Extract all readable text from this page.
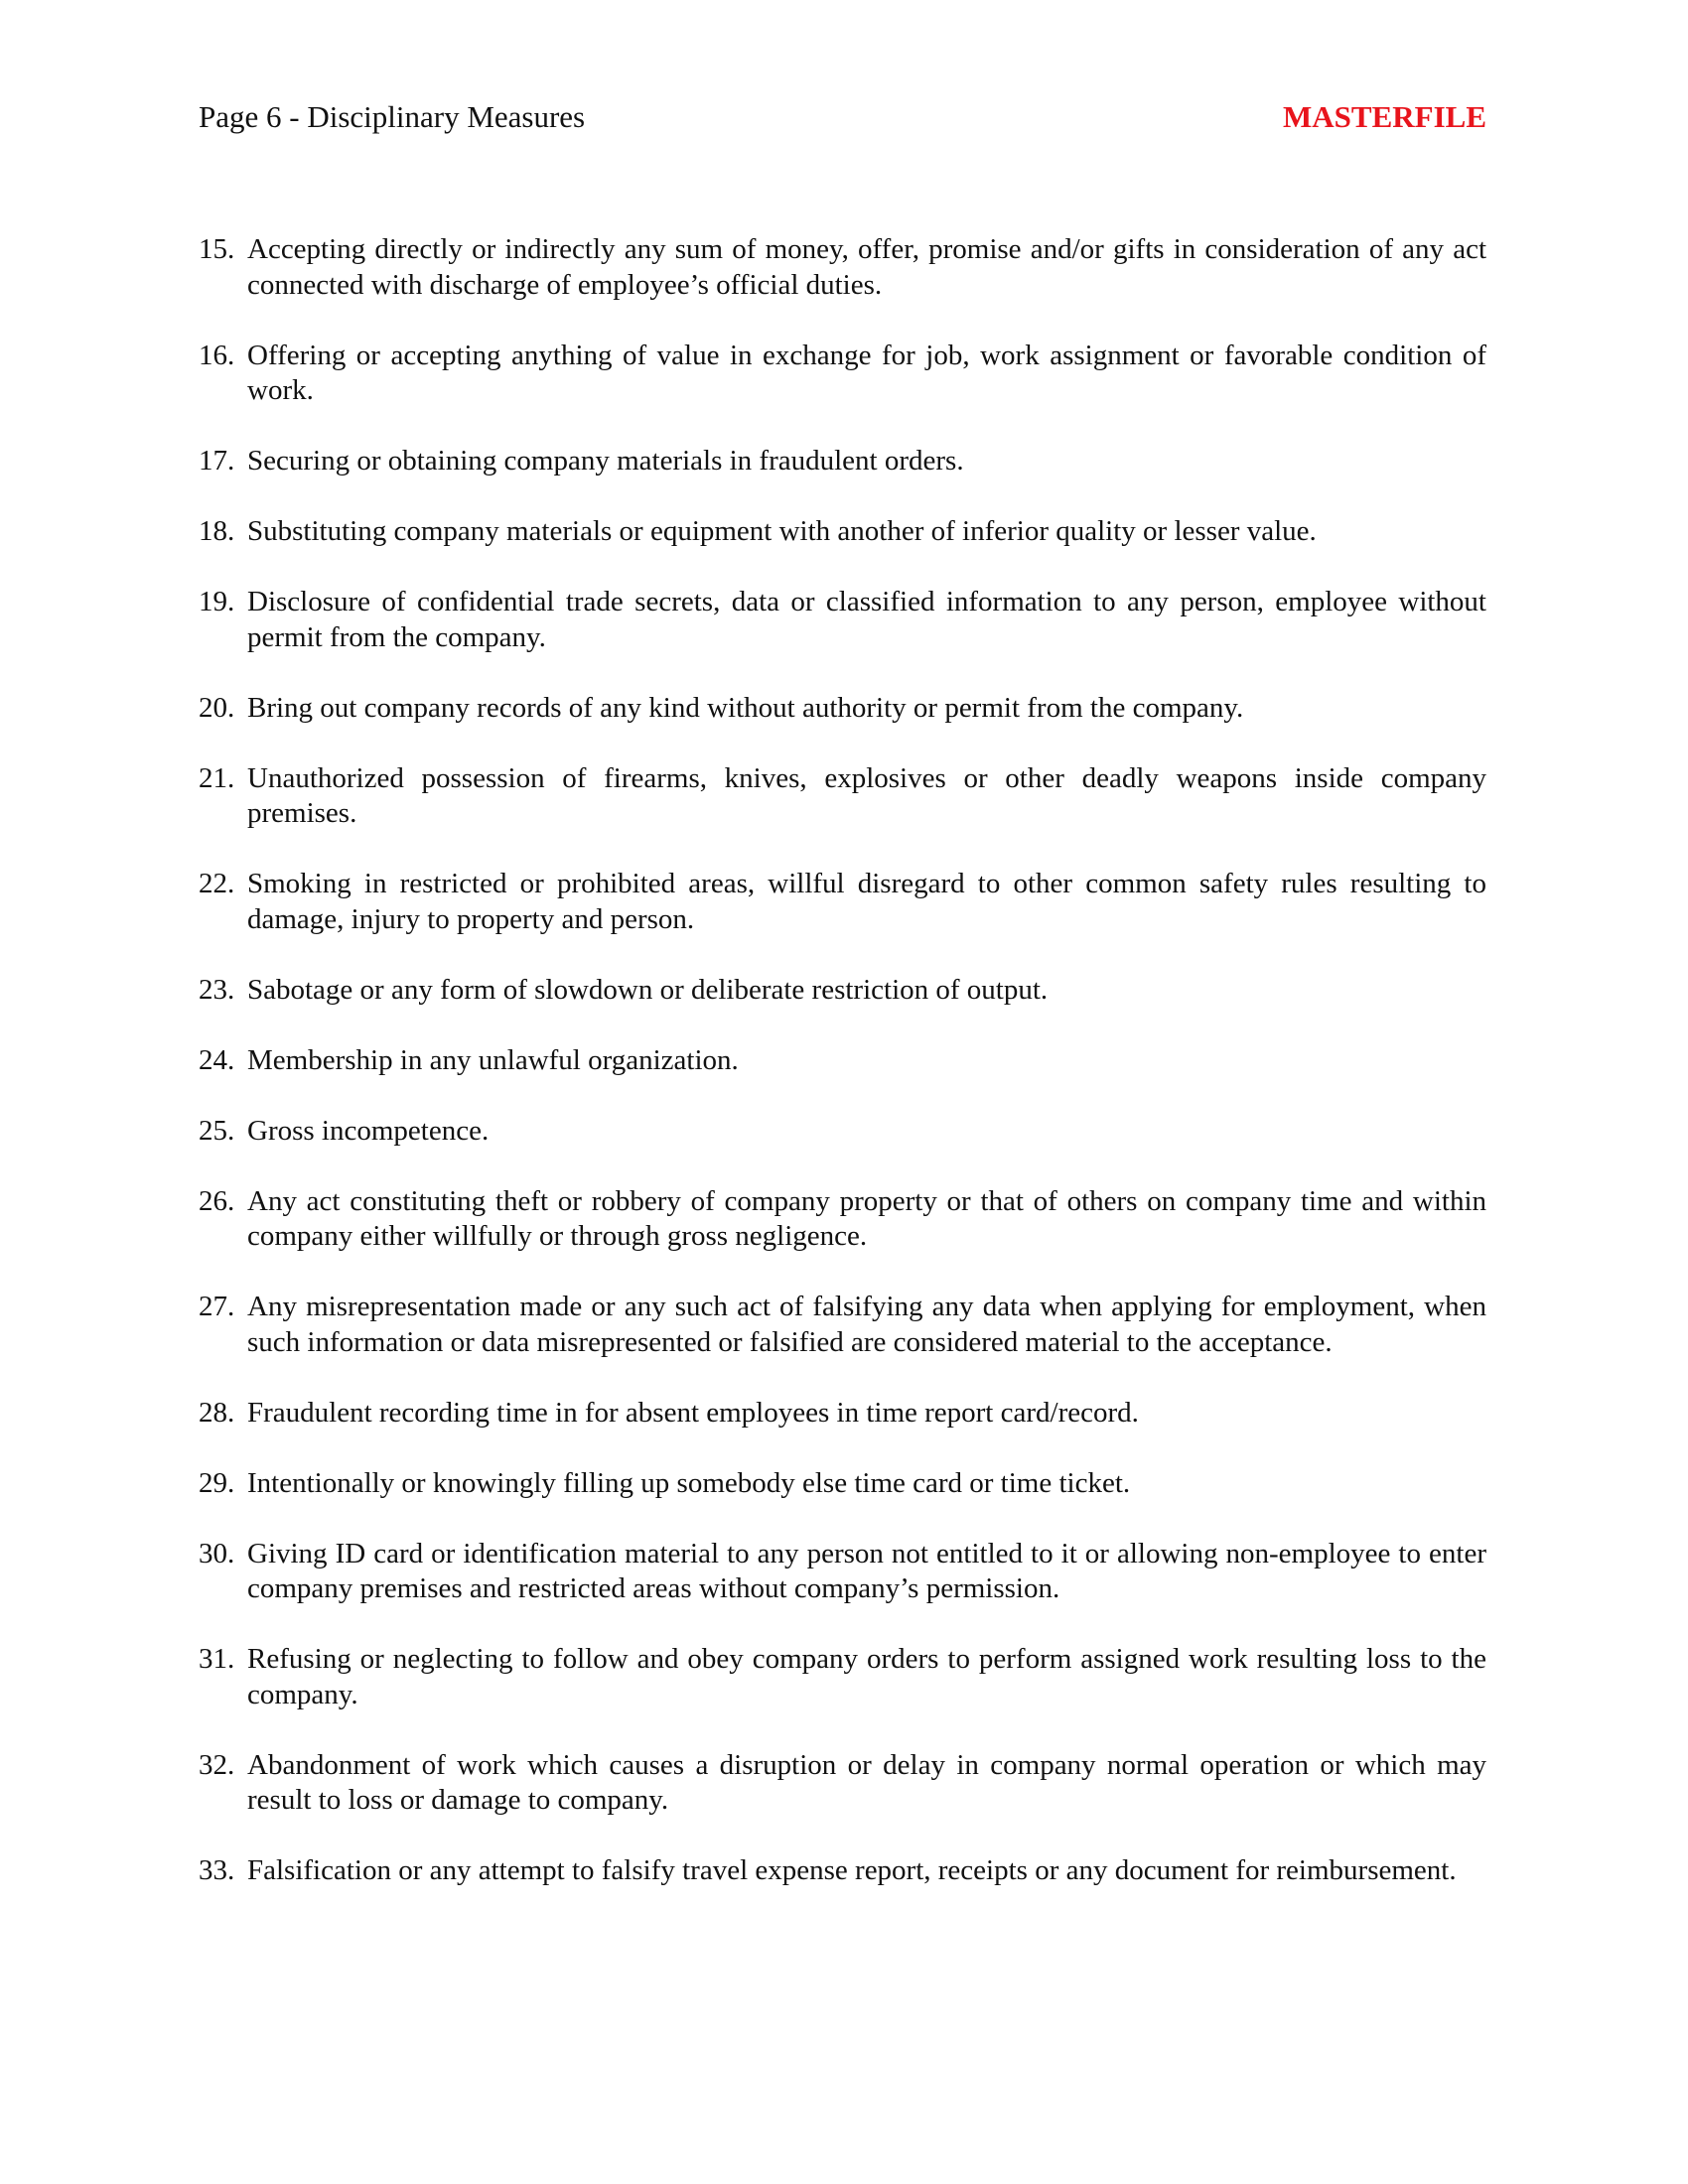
Page 6 - Disciplinary Measures	MASTERFILE
15. Accepting directly or indirectly any sum of money, offer, promise and/or gifts in consideration of any act connected with discharge of employee’s official duties.
16. Offering or accepting anything of value in exchange for job, work assignment or favorable condition of work.
17. Securing or obtaining company materials in fraudulent orders.
18. Substituting company materials or equipment with another of inferior quality or lesser value.
19. Disclosure of confidential trade secrets, data or classified information to any person, employee without permit from the company.
20. Bring out company records of any kind without authority or permit from the company.
21. Unauthorized possession of firearms, knives, explosives or other deadly weapons inside company premises.
22. Smoking in restricted or prohibited areas, willful disregard to other common safety rules resulting to damage, injury to property and person.
23. Sabotage or any form of slowdown or deliberate restriction of output.
24. Membership in any unlawful organization.
25. Gross incompetence.
26. Any act constituting theft or robbery of company property or that of others on company time and within company either willfully or through gross negligence.
27. Any misrepresentation made or any such act of falsifying any data when applying for employment, when such information or data misrepresented or falsified are considered material to the acceptance.
28. Fraudulent recording time in for absent employees in time report card/record.
29. Intentionally or knowingly filling up somebody else time card or time ticket.
30. Giving ID card or identification material to any person not entitled to it or allowing non-employee to enter company premises and restricted areas without company’s permission.
31. Refusing or neglecting to follow and obey company orders to perform assigned work resulting loss to the company.
32. Abandonment of work which causes a disruption or delay in company normal operation or which may result to loss or damage to company.
33. Falsification or any attempt to falsify travel expense report, receipts or any document for reimbursement.
